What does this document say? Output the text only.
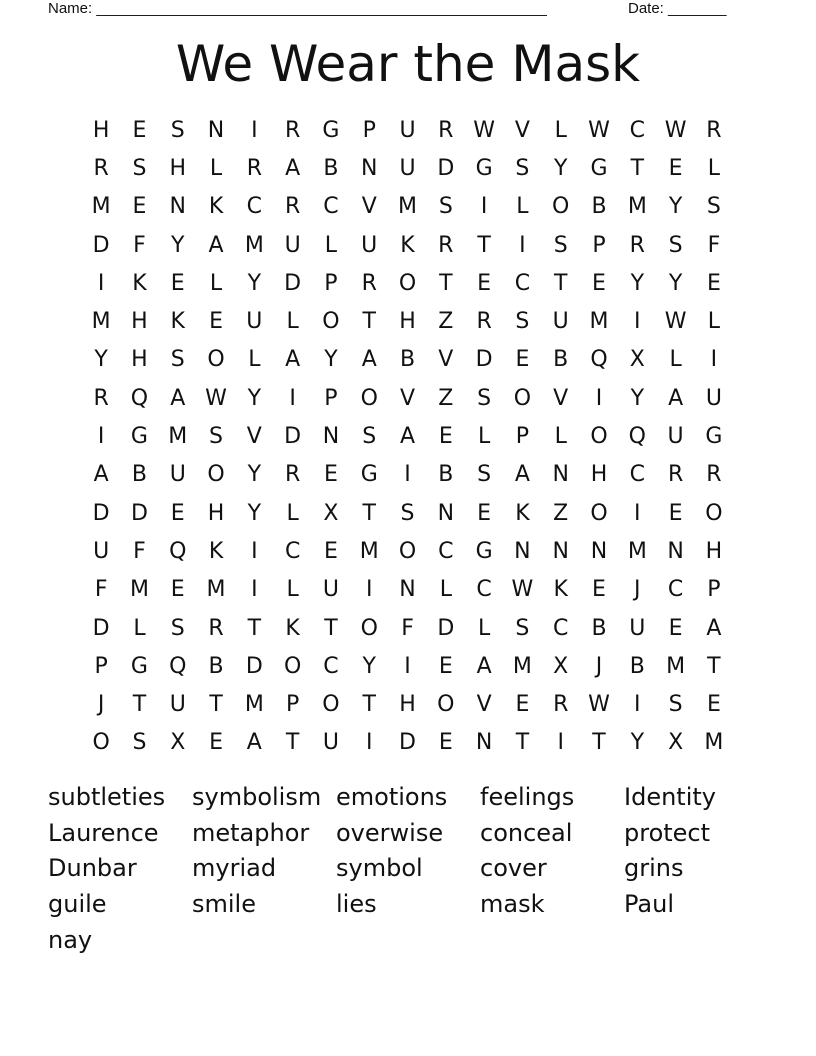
Name: ______________________________________________________	Date: _______
We Wear the Mask
H	E	S	N	I	R	G	P	U	R W V	L W C W R
R	S	H	L	R	A	B	N	U D G	S	Y	G	T	E	L
M E	N	K	C	R	C	V M S	I	L	O	B M	Y	S
D	F	Y	A M U	L	U	K	R	T	I	S	P	R	S	F
I	K	E	L	Y	D	P	R O	T	E	C	T	E	Y	Y	E
M H	K	E	U	L	O	T	H	Z	R	S	U M	I	W L
Y	H	S	O	L	A	Y	A	B	V	D	E	B	Q	X	L	I
R Q	A W Y	I	P	O	V	Z	S	O	V	I	Y	A	U
I	G M S	V	D N	S	A	E	L	P	L	O Q U G
A	B	U O	Y	R	E	G	I	B	S	A	N H	C	R	R
D D	E	H	Y	L	X	T	S	N	E	K	Z	O	I	E	O
U	F	Q	K	I	C	E M O C	G N N N M N H
F	M E M	I	L	U	I	N	L	C W K	E	J	C	P
D	L	S	R	T	K	T	O	F	D	L	S	C	B	U	E	A
P	G Q	B	D O C	Y	I	E	A M X	J	B M	T
J	T	U	T	M	P	O	T	H O	V	E	R W	I	S	E
O	S	X	E	A	T	U	I	D	E	N	T	I	T	Y	X M
subtleties	symbolism emotions	feelings	Identity
Laurence	metaphor	overwise	conceal	protect
Dunbar	myriad	symbol	cover	grins
guile	smile	lies	mask	Paul
nay
